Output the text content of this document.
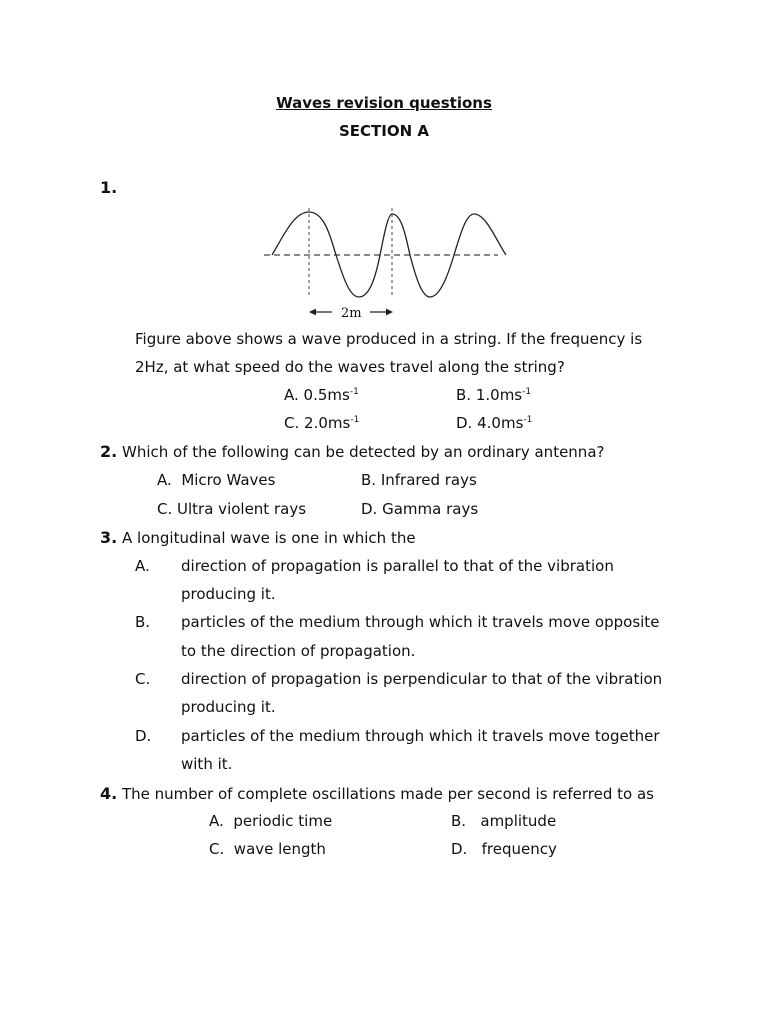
Waves revision questions
SECTION A
1.
2m
Figure above shows a wave produced in a string. If the frequency is
2Hz, at what speed do the waves travel along the string?
A. $0.5ms^{-1}$	B. $1.0ms^{-1}$
C. $2.0ms^{-1}$	D. $4.0ms^{-1}$
2. Which of the following can be detected by an ordinary antenna?
A. Micro Waves	B. Infrared rays
C. Ultra violent rays	D. Gamma rays
3. A longitudinal wave is one in which the
A. direction of propagation is parallel to that of the vibration
producing it.
B. particles of the medium through which it travels move opposite
to the direction of propagation.
C. direction of propagation is perpendicular to that of the vibration
producing it.
D. particles of the medium through which it travels move together
with it.
4. The number of complete oscillations made per second is referred to as
A. periodic time	B. amplitude
C. wave length	D. frequency
